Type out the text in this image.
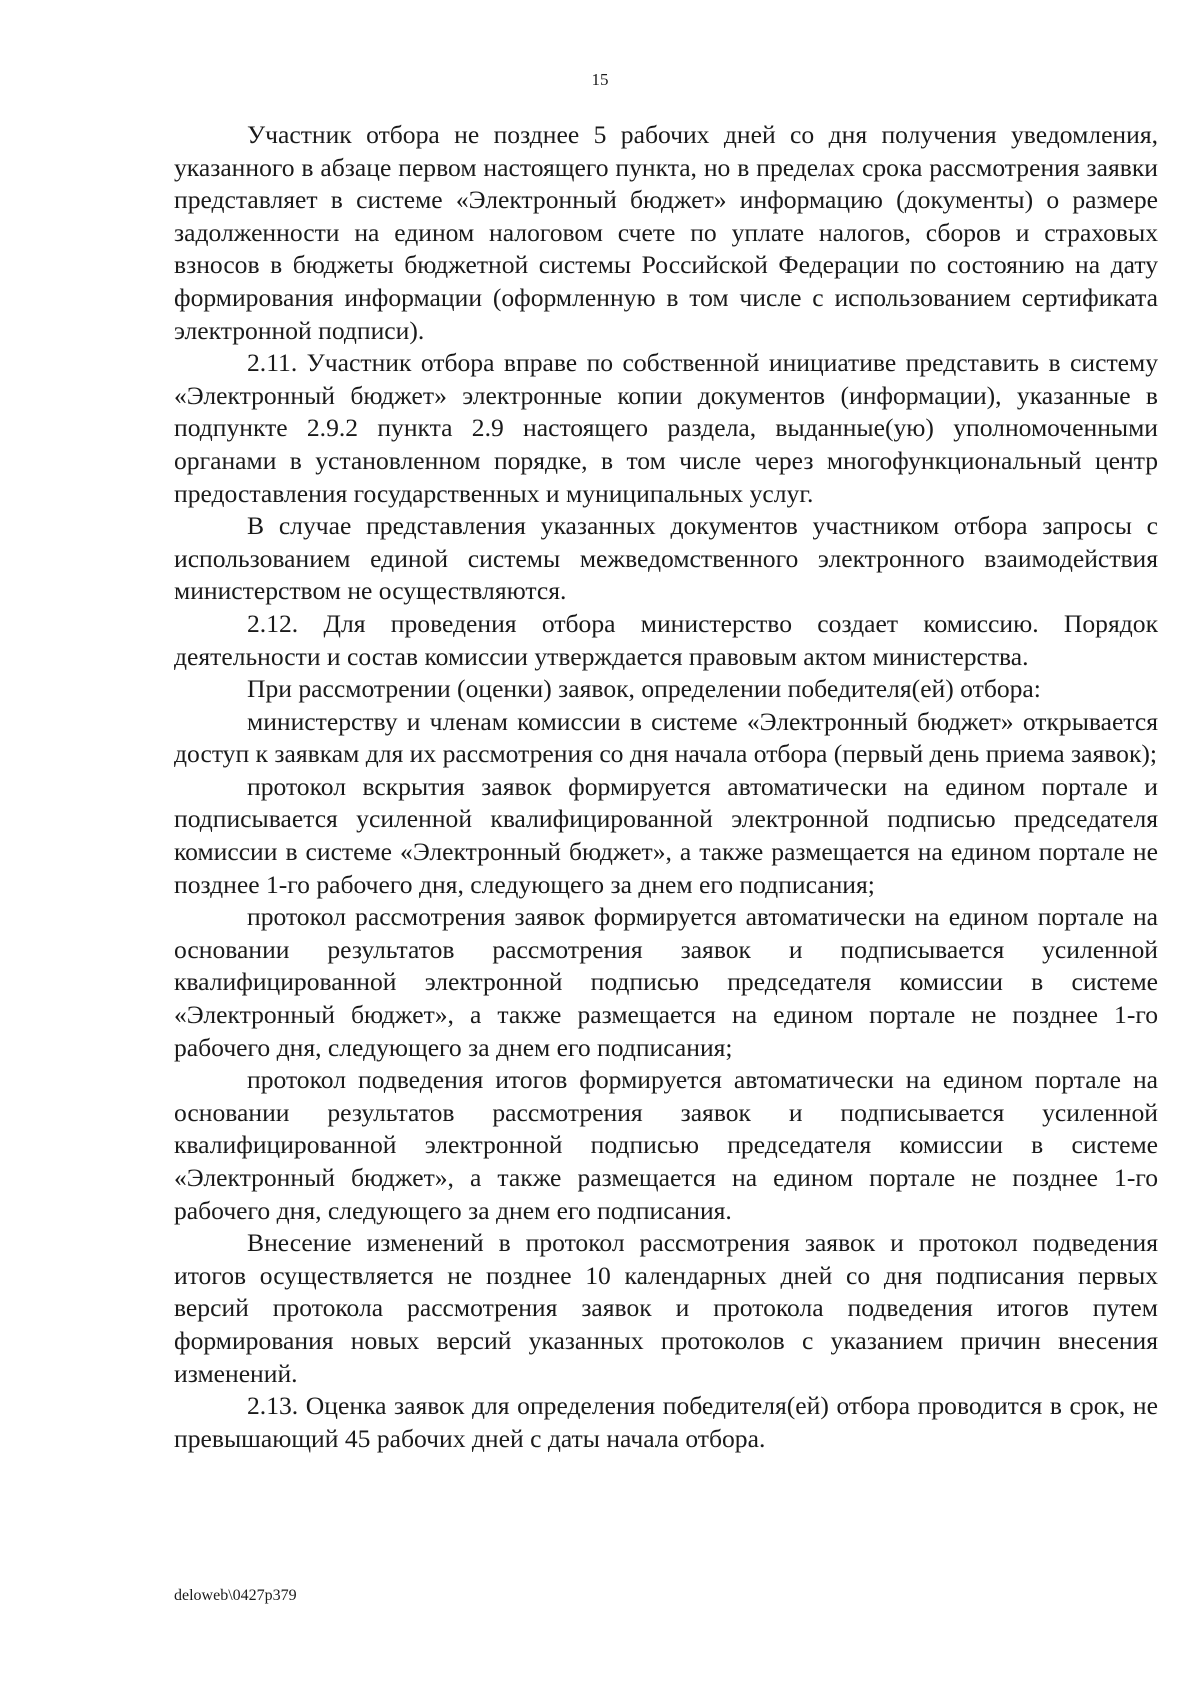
15

Участник отбора не позднее 5 рабочих дней со дня получения уведомления, указанного в абзаце первом настоящего пункта, но в пределах срока рассмотрения заявки представляет в системе «Электронный бюджет» информацию (документы) о размере задолженности на едином налоговом счете по уплате налогов, сборов и страховых взносов в бюджеты бюджетной системы Российской Федерации по состоянию на дату формирования информации (оформленную в том числе с использованием сертификата электронной подписи).

2.11. Участник отбора вправе по собственной инициативе представить в систему «Электронный бюджет» электронные копии документов (информации), указанные в подпункте 2.9.2 пункта 2.9 настоящего раздела, выданные(ую) уполномоченными органами в установленном порядке, в том числе через многофункциональный центр предоставления государственных и муниципальных услуг.

В случае представления указанных документов участником отбора запросы с использованием единой системы межведомственного электронного взаимодействия министерством не осуществляются.

2.12. Для проведения отбора министерство создает комиссию. Порядок деятельности и состав комиссии утверждается правовым актом министерства.

При рассмотрении (оценки) заявок, определении победителя(ей) отбора:

министерству и членам комиссии в системе «Электронный бюджет» открывается доступ к заявкам для их рассмотрения со дня начала отбора (первый день приема заявок);

протокол вскрытия заявок формируется автоматически на едином портале и подписывается усиленной квалифицированной электронной подписью председателя комиссии в системе «Электронный бюджет», а также размещается на едином портале не позднее 1-го рабочего дня, следующего за днем его подписания;

протокол рассмотрения заявок формируется автоматически на едином портале на основании результатов рассмотрения заявок и подписывается усиленной квалифицированной электронной подписью председателя комиссии в системе «Электронный бюджет», а также размещается на едином портале не позднее 1-го рабочего дня, следующего за днем его подписания;

протокол подведения итогов формируется автоматически на едином портале на основании результатов рассмотрения заявок и подписывается усиленной квалифицированной электронной подписью председателя комиссии в системе «Электронный бюджет», а также размещается на едином портале не позднее 1-го рабочего дня, следующего за днем его подписания.

Внесение изменений в протокол рассмотрения заявок и протокол подведения итогов осуществляется не позднее 10 календарных дней со дня подписания первых версий протокола рассмотрения заявок и протокола подведения итогов путем формирования новых версий указанных протоколов с указанием причин внесения изменений.

2.13. Оценка заявок для определения победителя(ей) отбора проводится в срок, не превышающий 45 рабочих дней с даты начала отбора.

deloweb\0427p379
